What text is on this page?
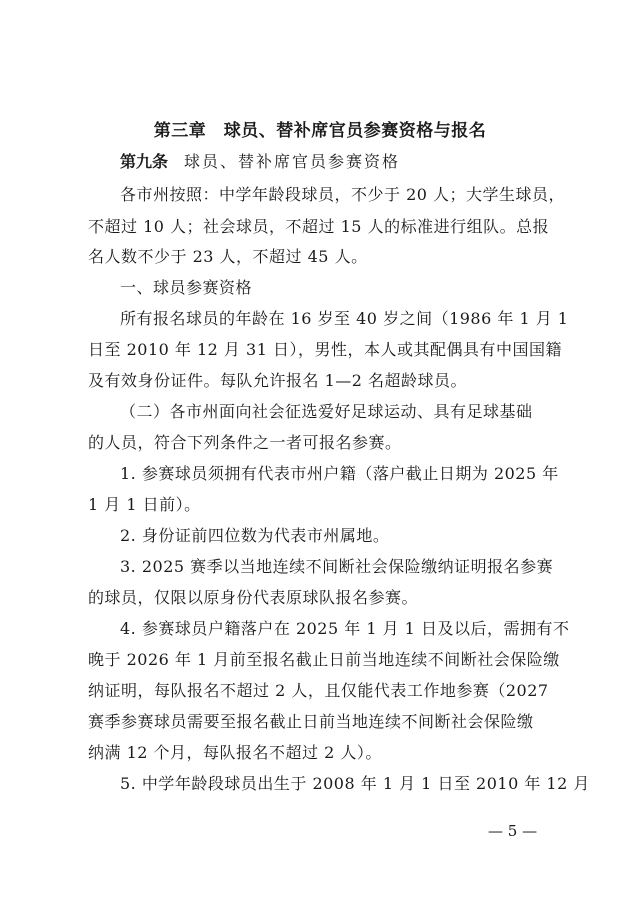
第三章　球员、替补席官员参赛资格与报名
第九条 球员、替补席官员参赛资格
各市州按照：中学年龄段球员，不少于 20 人；大学生球员，
不超过 10 人；社会球员，不超过 15 人的标准进行组队。总报
名人数不少于 23 人，不超过 45 人。
一、球员参赛资格
所有报名球员的年龄在 16 岁至 40 岁之间（1986 年 1 月 1
日至 2010 年 12 月 31 日），男性，本人或其配偶具有中国国籍
及有效身份证件。每队允许报名 1—2 名超龄球员。
（二）各市州面向社会征选爱好足球运动、具有足球基础
的人员，符合下列条件之一者可报名参赛。
1. 参赛球员须拥有代表市州户籍（落户截止日期为 2025 年
1 月 1 日前）。
2. 身份证前四位数为代表市州属地。
3. 2025 赛季以当地连续不间断社会保险缴纳证明报名参赛
的球员，仅限以原身份代表原球队报名参赛。
4. 参赛球员户籍落户在 2025 年 1 月 1 日及以后，需拥有不
晚于 2026 年 1 月前至报名截止日前当地连续不间断社会保险缴
纳证明，每队报名不超过 2 人，且仅能代表工作地参赛（2027
赛季参赛球员需要至报名截止日前当地连续不间断社会保险缴
纳满 12 个月，每队报名不超过 2 人）。
5. 中学年龄段球员出生于 2008 年 1 月 1 日至 2010 年 12 月
— 5 —
